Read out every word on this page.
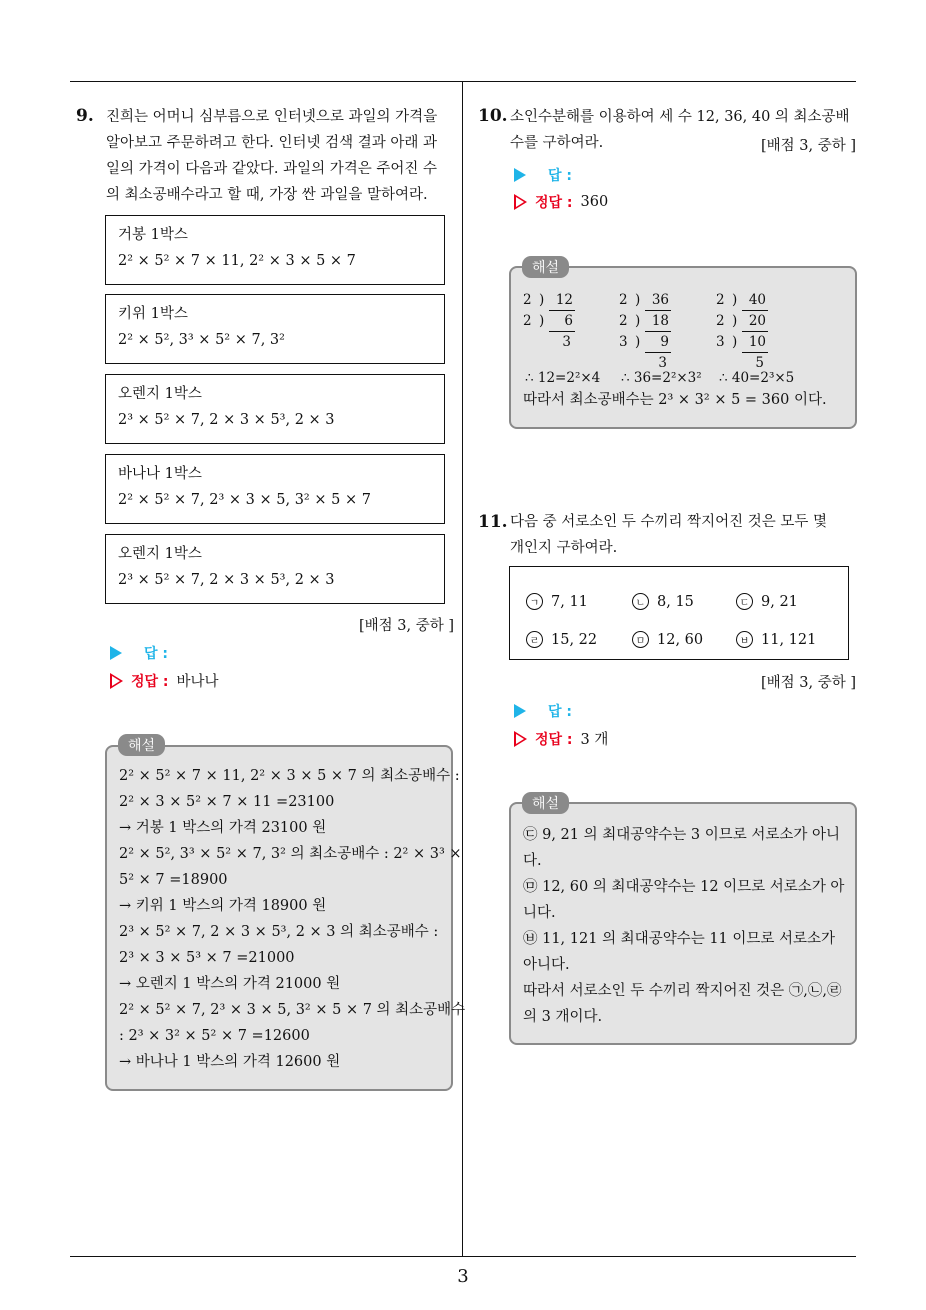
9. 진희는 어머니 심부름으로 인터넷으로 과일의 가격을
알아보고 주문하려고 한다. 인터넷 검색 결과 아래 과
일의 가격이 다음과 같았다. 과일의 가격은 주어진 수
의 최소공배수라고 할 때, 가장 싼 과일을 말하여라.
거봉 1박스
2² × 5² × 7 × 11, 2² × 3 × 5 × 7
키위 1박스
2² × 5², 3³ × 5² × 7, 3²
오렌지 1박스
2³ × 5² × 7, 2 × 3 × 5³, 2 × 3
바나나 1박스
2² × 5² × 7, 2³ × 3 × 5, 3² × 5 × 7
오렌지 1박스
2³ × 5² × 7, 2 × 3 × 5³, 2 × 3
[배점 3, 중하 ]
답 :
정답 : 바나나
2² × 5² × 7 × 11, 2² × 3 × 5 × 7 의 최소공배수 :
2² × 3 × 5² × 7 × 11 =23100
→ 거봉 1 박스의 가격 23100 원
2² × 5², 3³ × 5² × 7, 3² 의 최소공배수 : 2² × 3³ ×
5² × 7 =18900
→ 키위 1 박스의 가격 18900 원
2³ × 5² × 7, 2 × 3 × 5³, 2 × 3 의 최소공배수 :
2³ × 3 × 5³ × 7 =21000
→ 오렌지 1 박스의 가격 21000 원
2² × 5² × 7, 2³ × 3 × 5, 3² × 5 × 7 의 최소공배수
: 2³ × 3² × 5² × 7 =12600
→ 바나나 1 박스의 가격 12600 원
해설
10. 소인수분해를 이용하여 세 수 12, 36, 40 의 최소공배
수를 구하여라.	[배점 3, 중하 ]
답 :
정답 : 360
2 ) 12
2 )	6
3
2 ) 36
2 ) 18
3 )	9
3
2 ) 40
2 ) 20
3 ) 10
5
∴ 12=2²×4	∴ 36=2²×3²	∴ 40=2³×5
따라서 최소공배수는 2³ × 3² × 5 = 360 이다.
해설
11. 다음 중 서로소인 두 수끼리 짝지어진 것은 모두 몇
개인지 구하여라.
ㄱ 7, 11	ㄴ 8, 15	ㄷ 9, 21
ㄹ 15, 22	ㅁ 12, 60	ㅂ 11, 121
[배점 3, 중하 ]
답 :
정답 : 3 개
㉢ 9, 21 의 최대공약수는 3 이므로 서로소가 아니
다.
㉤ 12, 60 의 최대공약수는 12 이므로 서로소가 아
니다.
㉥ 11, 121 의 최대공약수는 11 이므로 서로소가
아니다.
따라서 서로소인 두 수끼리 짝지어진 것은 ㉠,㉡,㉣
의 3 개이다.
해설
3
